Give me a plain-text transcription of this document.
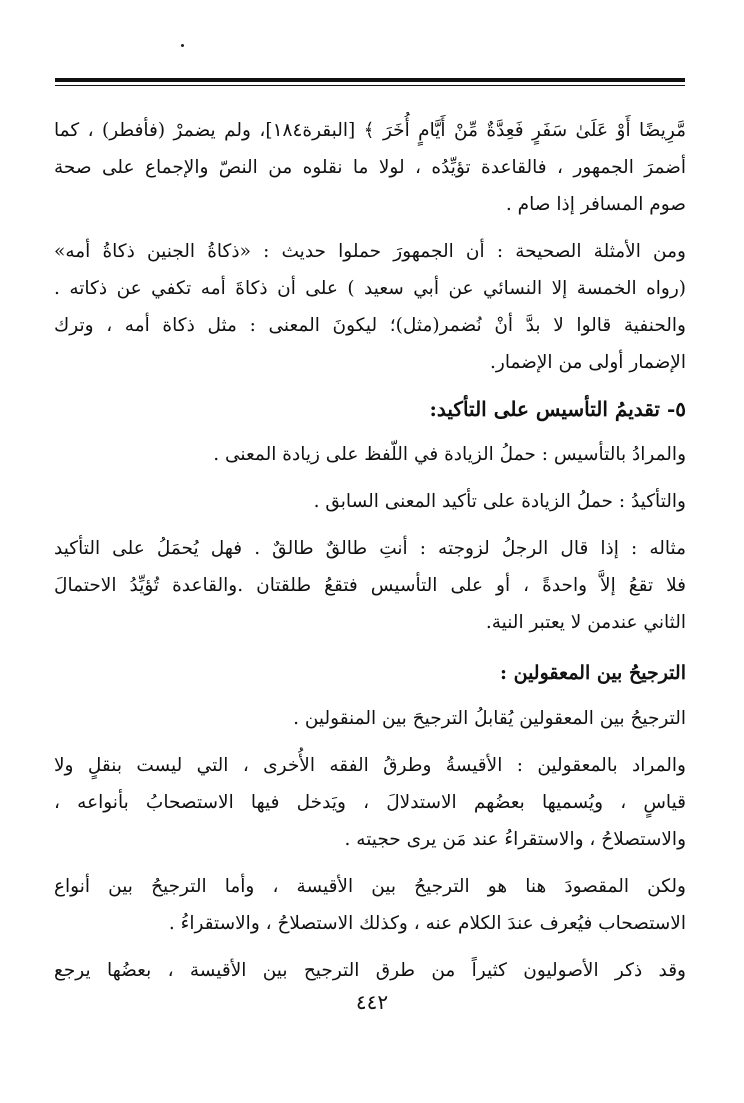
مَّرِيضًا أَوْ عَلَىٰ سَفَرٍ فَعِدَّةٌ مِّنْ أَيَّامٍ أُخَرَ ﴾ [البقرة١٨٤]، ولم يضمرْ (فأفطر) ، كما
أضمرَ الجمهور ، فالقاعدة تؤيِّدُه ، لولا ما نقلوه من النصّ والإجماع على صحة
صوم المسافر إذا صام .

ومن الأمثلة الصحيحة : أن الجمهورَ حملوا حديث : «ذكاةُ الجنين ذكاةُ أمه»
(رواه الخمسة إلا النسائي عن أبي سعيد ) على أن ذكاةَ أمه تكفي عن ذكاته .
والحنفية قالوا لا بدَّ أنْ نُضمر(مثل)؛ ليكونَ المعنى : مثل ذكاة أمه ، وترك
الإضمار أولى من الإضمار.

٥- تقديمُ التأسيس على التأكيد:

والمرادُ بالتأسيس : حملُ الزيادة في اللّفظ على زيادة المعنى .

والتأكيدُ : حملُ الزيادة على تأكيد المعنى السابق .

مثاله : إذا قال الرجلُ لزوجته : أنتِ طالقٌ طالقٌ . فهل يُحمَلُ على التأكيد
فلا تقعُ إلاَّ واحدةً ، أو على التأسيس فتقعُ طلقتان .والقاعدة تُؤيِّدُ الاحتمالَ
الثاني عندمن لا يعتبر النية.

الترجيحُ بين المعقولين :

الترجيحُ بين المعقولين يُقابلُ الترجيحَ بين المنقولين .

والمراد بالمعقولين : الأقيسةُ وطرقُ الفقه الأُخرى ، التي ليست بنقلٍ ولا
قياسٍ ، ويُسميها بعضُهم الاستدلالَ ، ويَدخل فيها الاستصحابُ بأنواعه ،
والاستصلاحُ ، والاستقراءُ عند مَن يرى حجيته .

ولكن المقصودَ هنا هو الترجيحُ بين الأقيسة ، وأما الترجيحُ بين أنواع
الاستصحاب فيُعرف عندَ الكلام عنه ، وكذلك الاستصلاحُ ، والاستقراءُ .

وقد ذكر الأصوليون كثيراً من طرق الترجيح بين الأقيسة ، بعضُها يرجع

٤٤٢
